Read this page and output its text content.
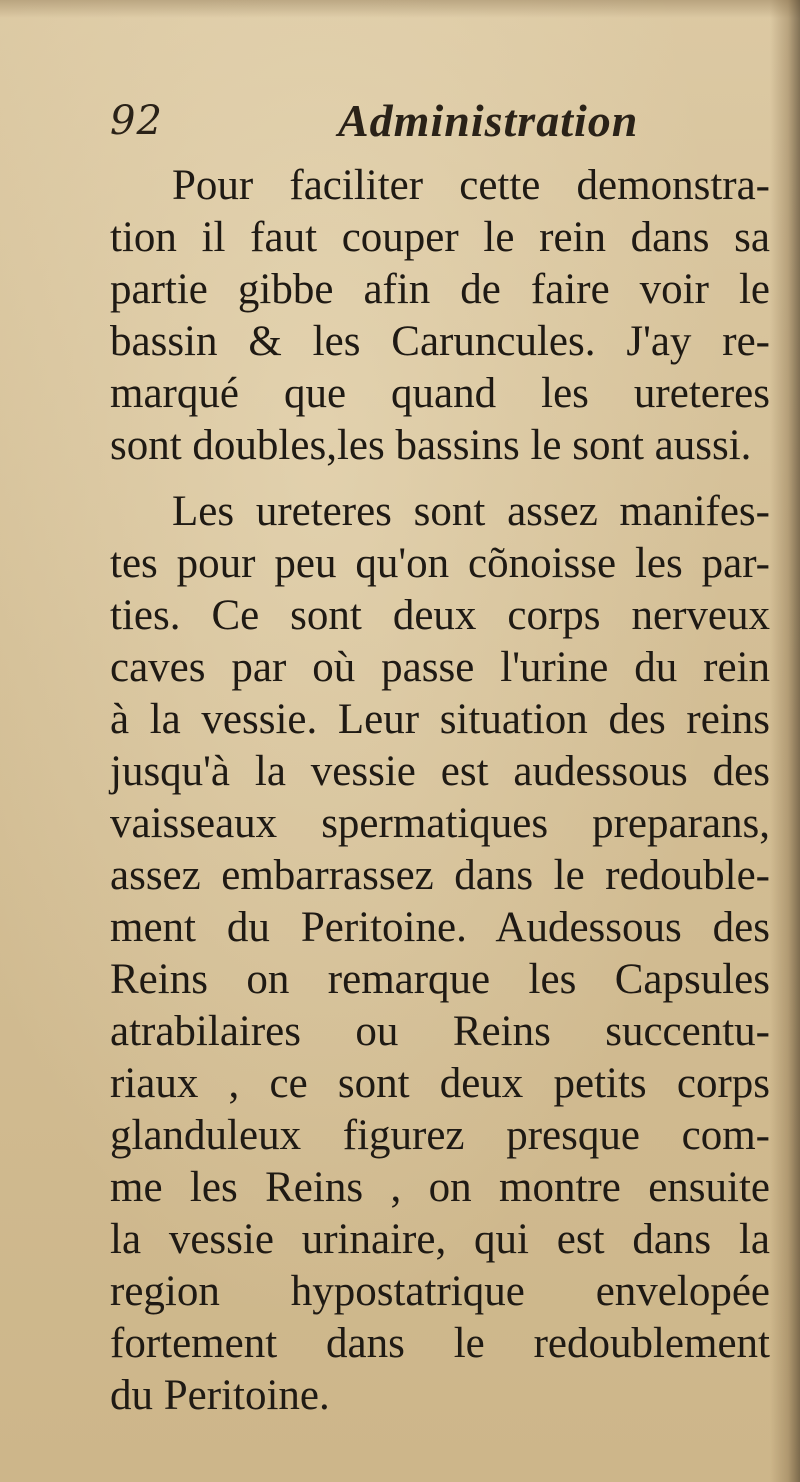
92	Administration
Pour faciliter cette demonstra-
tion il faut couper le rein dans sa
partie gibbe afin de faire voir le
bassin & les Caruncules. J'ay re-
marqué que quand les ureteres
sont doubles,les bassins le sont aussi.
Les ureteres sont assez manifes-
tes pour peu qu'on cõnoisse les par-
ties. Ce sont deux corps nerveux
caves par où passe l'urine du rein
à la vessie. Leur situation des reins
jusqu'à la vessie est audessous des
vaisseaux spermatiques preparans,
assez embarrassez dans le redouble-
ment du Peritoine. Audessous des
Reins on remarque les Capsules
atrabilaires ou Reins succentu-
riaux , ce sont deux petits corps
glanduleux figurez presque com-
me les Reins , on montre ensuite
la vessie urinaire, qui est dans la
region hypostatrique envelopée
fortement dans le redoublement
du Peritoine.
